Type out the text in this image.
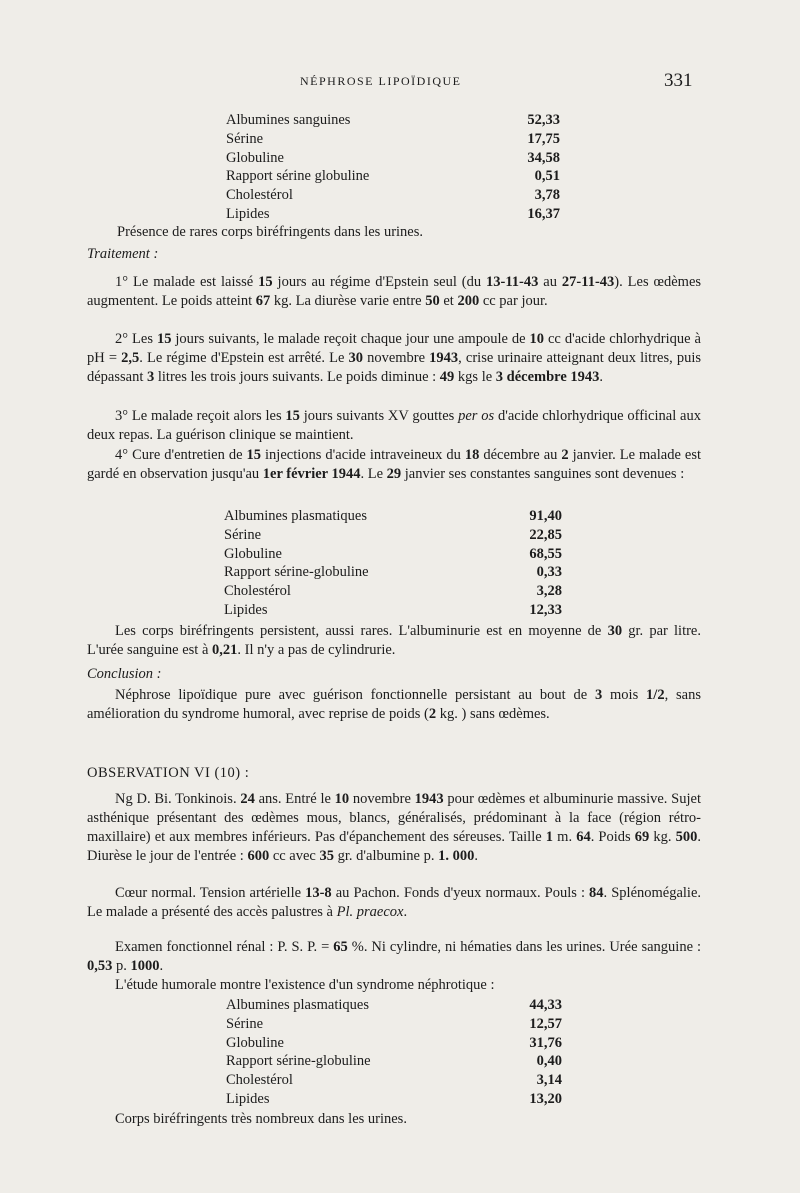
NÉPHROSE LIPOÏDIQUE	331
Albumines sanguines	52,33
Sérine	17,75
Globuline	34,58
Rapport sérine globuline	0,51
Cholestérol	3,78
Lipides	16,37

Présence de rares corps biréfringents dans les urines.

Traitement :

1° Le malade est laissé 15 jours au régime d'Epstein seul (du 13-11-43 au 27-11-43). Les œdèmes augmentent. Le poids atteint 67 kg. La diurèse varie entre 50 et 200 cc par jour.

2° Les 15 jours suivants, le malade reçoit chaque jour une ampoule de 10 cc d'acide chlorhydrique à pH = 2,5. Le régime d'Epstein est arrêté. Le 30 novembre 1943, crise urinaire atteignant deux litres, puis dépassant 3 litres les trois jours suivants. Le poids diminue : 49 kgs le 3 décembre 1943.

3° Le malade reçoit alors les 15 jours suivants XV gouttes per os d'acide chlorhydrique officinal aux deux repas. La guérison clinique se maintient.

4° Cure d'entretien de 15 injections d'acide intraveineux du 18 décembre au 2 janvier. Le malade est gardé en observation jusqu'au 1er février 1944. Le 29 janvier ses constantes sanguines sont devenues :

Albumines plasmatiques	91,40
Sérine	22,85
Globuline	68,55
Rapport sérine-globuline	0,33
Cholestérol	3,28
Lipides	12,33

Les corps biréfringents persistent, aussi rares. L'albuminurie est en moyenne de 30 gr. par litre. L'urée sanguine est à 0,21. Il n'y a pas de cylindrurie.

Conclusion :

Néphrose lipoïdique pure avec guérison fonctionnelle persistant au bout de 3 mois 1/2, sans amélioration du syndrome humoral, avec reprise de poids (2 kg. ) sans œdèmes.

OBSERVATION VI (10) :

Ng D. Bi. Tonkinois. 24 ans. Entré le 10 novembre 1943 pour œdèmes et albuminurie massive. Sujet asthénique présentant des œdèmes mous, blancs, généralisés, prédominant à la face (région rétro-maxillaire) et aux membres inférieurs. Pas d'épanchement des séreuses. Taille 1 m. 64. Poids 69 kg. 500. Diurèse le jour de l'entrée : 600 cc avec 35 gr. d'albumine p. 1. 000.

Cœur normal. Tension artérielle 13-8 au Pachon. Fonds d'yeux normaux. Pouls : 84. Splénomégalie. Le malade a présenté des accès palustres à Pl. praecox.

Examen fonctionnel rénal : P. S. P. = 65 %. Ni cylindre, ni hématies dans les urines. Urée sanguine : 0,53 p. 1000.

L'étude humorale montre l'existence d'un syndrome néphrotique :

Albumines plasmatiques	44,33
Sérine	12,57
Globuline	31,76
Rapport sérine-globuline	0,40
Cholestérol	3,14
Lipides	13,20

Corps biréfringents très nombreux dans les urines.
